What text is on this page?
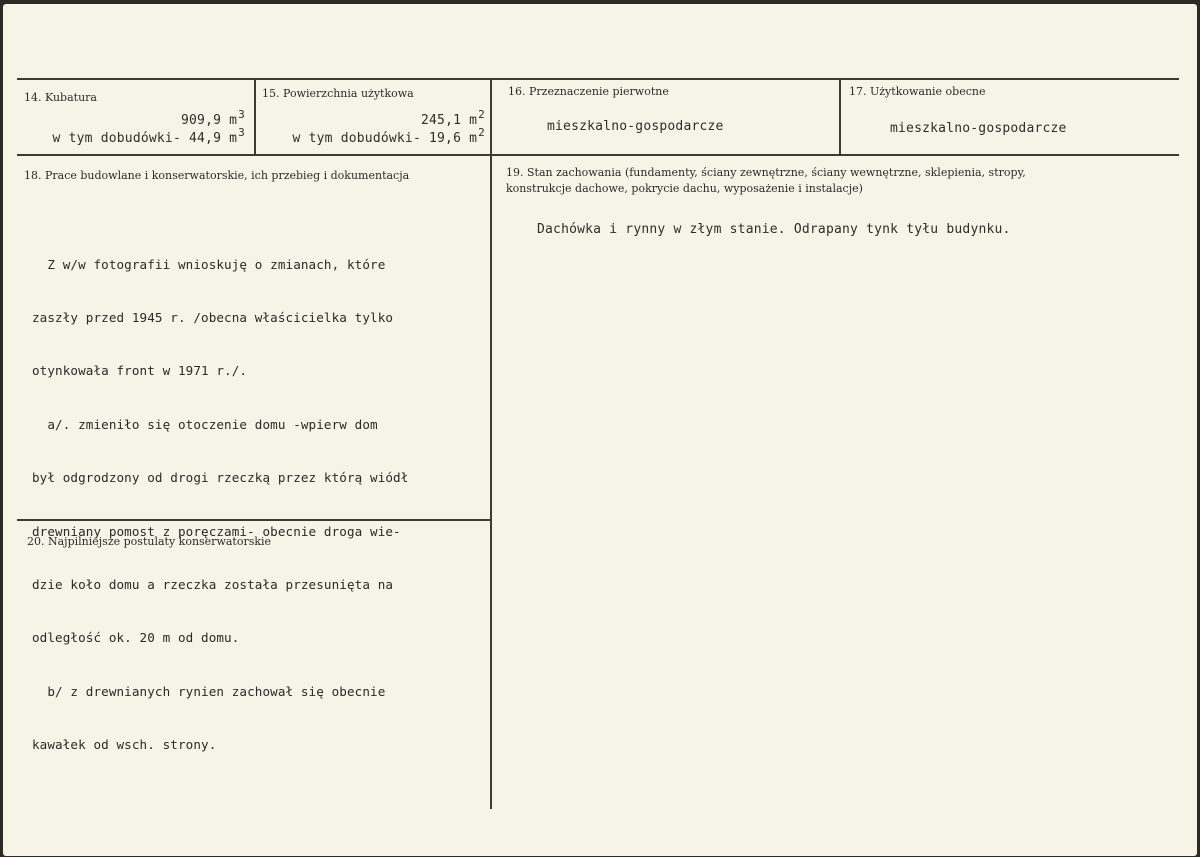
14. Kubatura
909,9 $m^3$
w tym dobudówki- 44,9 $m^3$
15. Powierzchnia użytkowa
245,1 $m^2$
w tym dobudówki- 19,6 $m^2$
16. Przeznaczenie pierwotne
mieszkalno-gospodarcze
17. Użytkowanie obecne
mieszkalno-gospodarcze
18. Prace budowlane i konserwatorskie, ich przebieg i dokumentacja

Z w/w fotografii wnioskuję o zmianach, które

zaszły przed 1945 r. /obecna właścicielka tylko

otynkowała front w 1971 r./.

a/. zmieniło się otoczenie domu -wpierw dom

był odgrodzony od drogi rzeczką przez którą wiódł

drewniany pomost z poręczami- obecnie droga wie-

dzie koło domu a rzeczka została przesunięta na

odległość ok. 20 m od domu.

b/ z drewnianych rynien zachował się obecnie

kawałek od wsch. strony.

19. Stan zachowania (fundamenty, ściany zewnętrzne, ściany wewnętrzne, sklepienia, stropy,
konstrukcje dachowe, pokrycie dachu, wyposażenie i instalacje)
Dachówka i rynny w złym stanie. Odrapany tynk tyłu budynku.
20. Najpilniejsze postulaty konserwatorskie
